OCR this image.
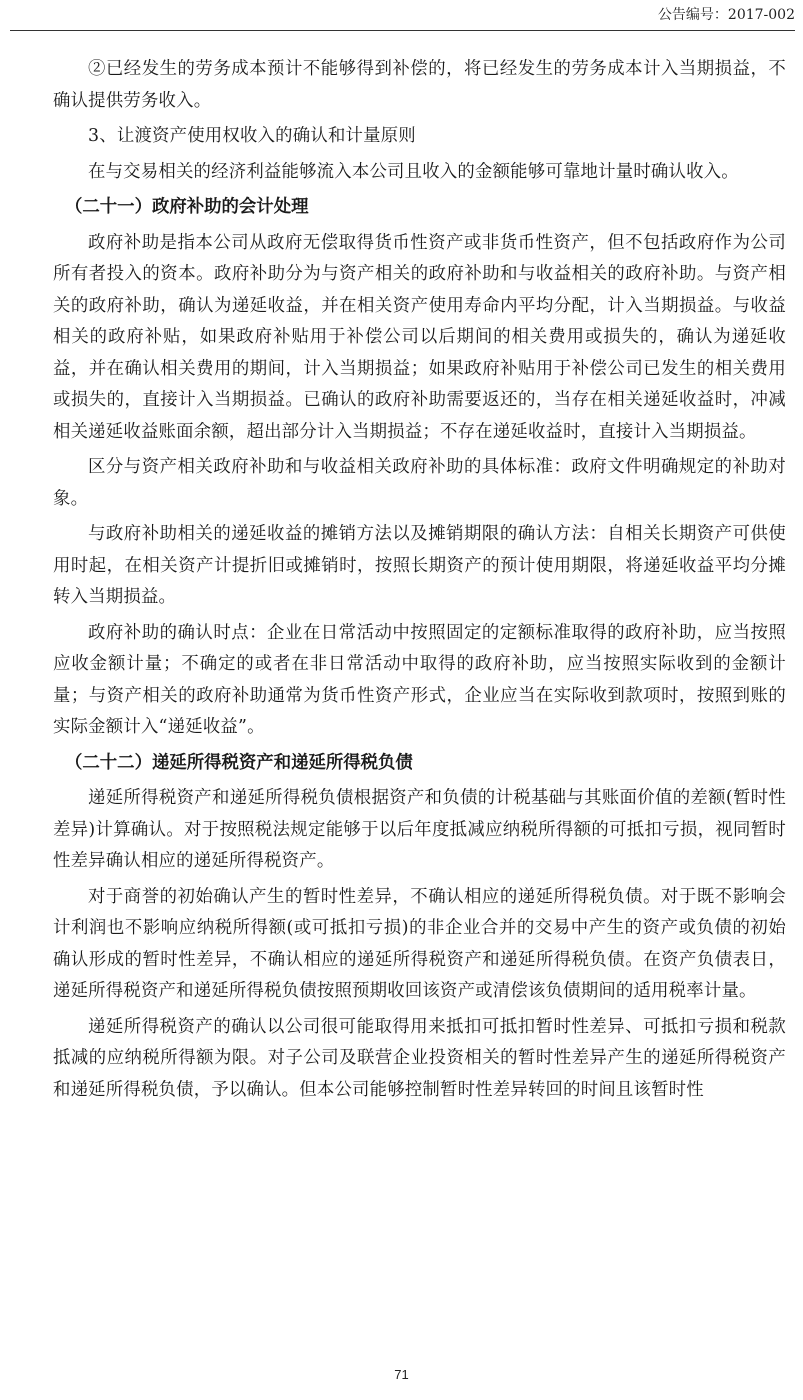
公告编号：2017-002

②已经发生的劳务成本预计不能够得到补偿的，将已经发生的劳务成本计入当期损益，不确认提供劳务收入。

3、让渡资产使用权收入的确认和计量原则

在与交易相关的经济利益能够流入本公司且收入的金额能够可靠地计量时确认收入。

（二十一）政府补助的会计处理

政府补助是指本公司从政府无偿取得货币性资产或非货币性资产，但不包括政府作为公司所有者投入的资本。政府补助分为与资产相关的政府补助和与收益相关的政府补助。与资产相关的政府补助，确认为递延收益，并在相关资产使用寿命内平均分配，计入当期损益。与收益相关的政府补贴，如果政府补贴用于补偿公司以后期间的相关费用或损失的，确认为递延收益，并在确认相关费用的期间，计入当期损益；如果政府补贴用于补偿公司已发生的相关费用或损失的，直接计入当期损益。已确认的政府补助需要返还的，当存在相关递延收益时，冲减相关递延收益账面余额，超出部分计入当期损益；不存在递延收益时，直接计入当期损益。

区分与资产相关政府补助和与收益相关政府补助的具体标准：政府文件明确规定的补助对象。

与政府补助相关的递延收益的摊销方法以及摊销期限的确认方法：自相关长期资产可供使用时起，在相关资产计提折旧或摊销时，按照长期资产的预计使用期限，将递延收益平均分摊转入当期损益。

政府补助的确认时点：企业在日常活动中按照固定的定额标准取得的政府补助，应当按照应收金额计量；不确定的或者在非日常活动中取得的政府补助，应当按照实际收到的金额计量；与资产相关的政府补助通常为货币性资产形式，企业应当在实际收到款项时，按照到账的实际金额计入“递延收益”。

（二十二）递延所得税资产和递延所得税负债

递延所得税资产和递延所得税负债根据资产和负债的计税基础与其账面价值的差额(暂时性差异)计算确认。对于按照税法规定能够于以后年度抵减应纳税所得额的可抵扣亏损，视同暂时性差异确认相应的递延所得税资产。

对于商誉的初始确认产生的暂时性差异，不确认相应的递延所得税负债。对于既不影响会计利润也不影响应纳税所得额(或可抵扣亏损)的非企业合并的交易中产生的资产或负债的初始确认形成的暂时性差异，不确认相应的递延所得税资产和递延所得税负债。在资产负债表日，递延所得税资产和递延所得税负债按照预期收回该资产或清偿该负债期间的适用税率计量。

递延所得税资产的确认以公司很可能取得用来抵扣可抵扣暂时性差异、可抵扣亏损和税款抵减的应纳税所得额为限。对子公司及联营企业投资相关的暂时性差异产生的递延所得税资产和递延所得税负债，予以确认。但本公司能够控制暂时性差异转回的时间且该暂时性

71
